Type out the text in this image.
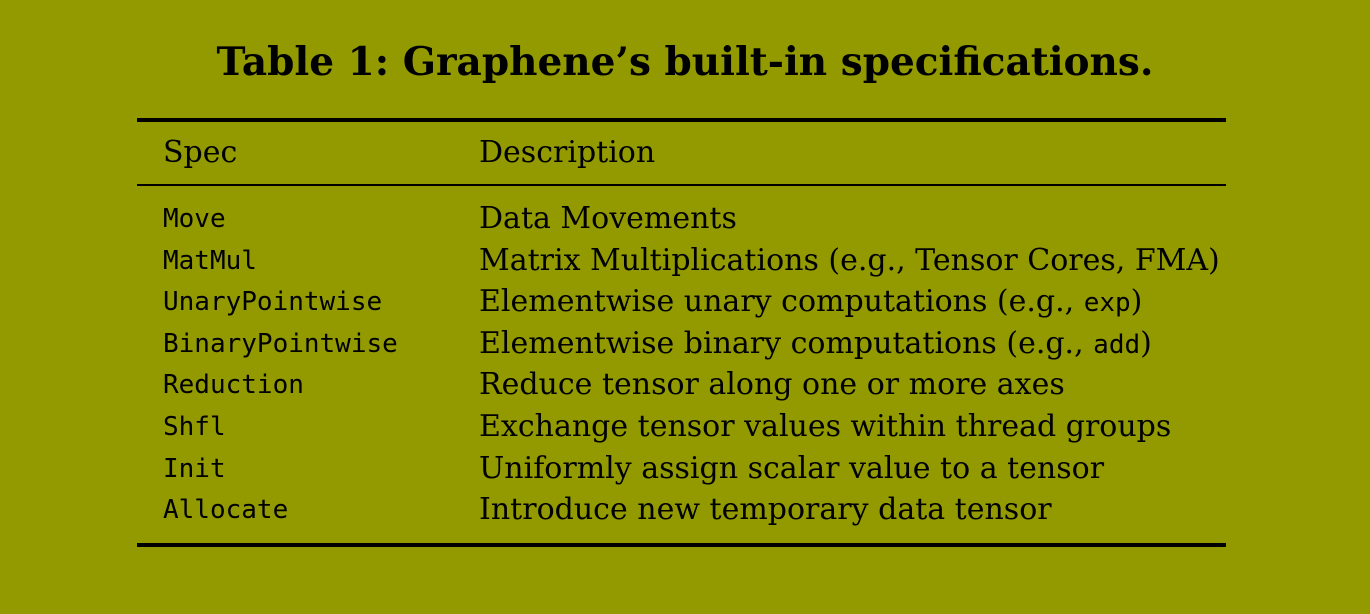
Table 1: Graphene’s built-in specifications.
Spec	Description
Move	Data Movements
MatMul	Matrix Multiplications (e.g., Tensor Cores, FMA)
UnaryPointwise	Elementwise unary computations (e.g., exp)
BinaryPointwise	Elementwise binary computations (e.g., add)
Reduction	Reduce tensor along one or more axes
Shfl	Exchange tensor values within thread groups
Init	Uniformly assign scalar value to a tensor
Allocate	Introduce new temporary data tensor
